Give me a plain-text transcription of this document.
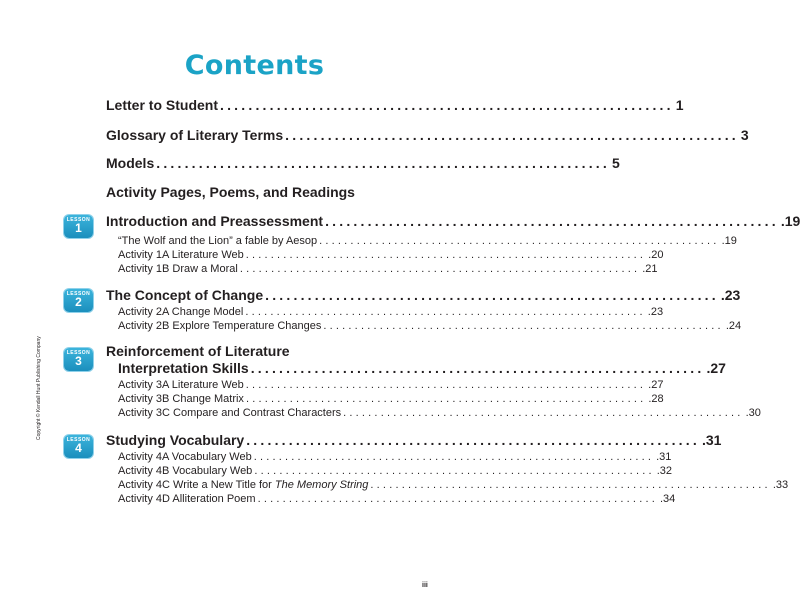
Contents
Letter to Student ................................................................ 1
Glossary of Literary Terms ................................................................ 3
Models ................................................................ 5
Activity Pages, Poems, and Readings
LESSON
1	Introduction and Preassessment ................................................................ .19
“The Wolf and the Lion” a fable by Aesop ................................................................ .19
Activity 1A Literature Web ................................................................ .20
Activity 1B Draw a Moral ................................................................ .21
LESSON
2	The Concept of Change ................................................................ .23
Activity 2A Change Model ................................................................ .23
Activity 2B Explore Temperature Changes ................................................................ .24
LESSON
3
Reinforcement of Literature
Interpretation Skills ................................................................ .27
Activity 3A Literature Web ................................................................ .27
Activity 3B Change Matrix ................................................................ .28
Activity 3C Compare and Contrast Characters ................................................................ .30
LESSON
4	Studying Vocabulary ................................................................ .31
Activity 4A Vocabulary Web ................................................................ .31
Activity 4B Vocabulary Web ................................................................ .32
Activity 4C Write a New Title for The Memory String ................................................................ .33
Activity 4D Alliteration Poem ................................................................ .34
Copyright © Kendall Hunt Publishing Company
iii
